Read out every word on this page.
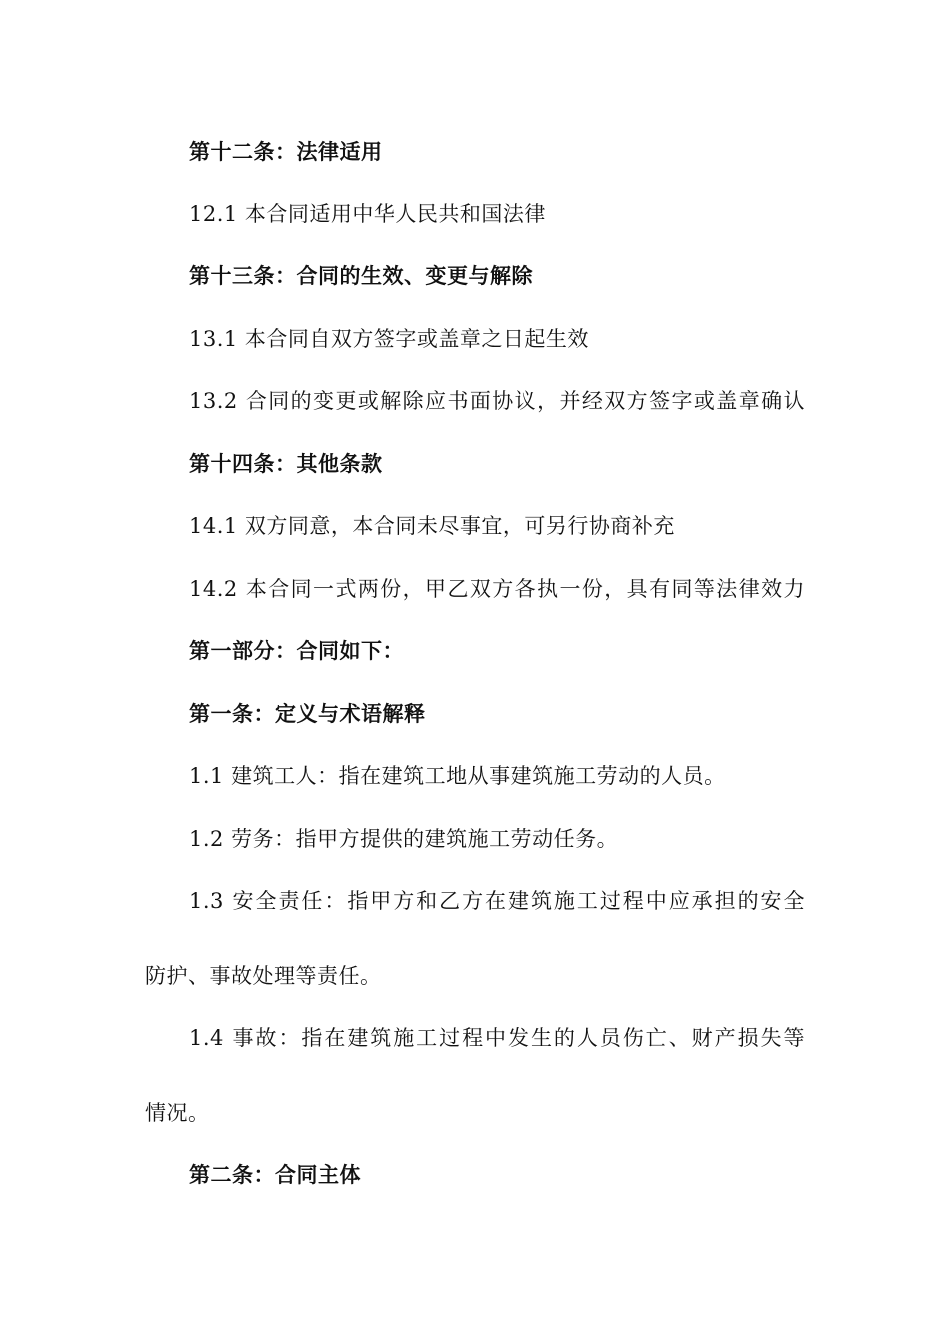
第十二条：法律适用
12.1 本合同适用中华人民共和国法律
第十三条：合同的生效、变更与解除
13.1 本合同自双方签字或盖章之日起生效
13.2 合同的变更或解除应书面协议，并经双方签字或盖章确认
第十四条：其他条款
14.1 双方同意，本合同未尽事宜，可另行协商补充
14.2 本合同一式两份，甲乙双方各执一份，具有同等法律效力
第一部分：合同如下：
第一条：定义与术语解释
1.1 建筑工人：指在建筑工地从事建筑施工劳动的人员。
1.2 劳务：指甲方提供的建筑施工劳动任务。
1.3 安全责任：指甲方和乙方在建筑施工过程中应承担的安全
防护、事故处理等责任。
1.4 事故：指在建筑施工过程中发生的人员伤亡、财产损失等
情况。
第二条：合同主体
